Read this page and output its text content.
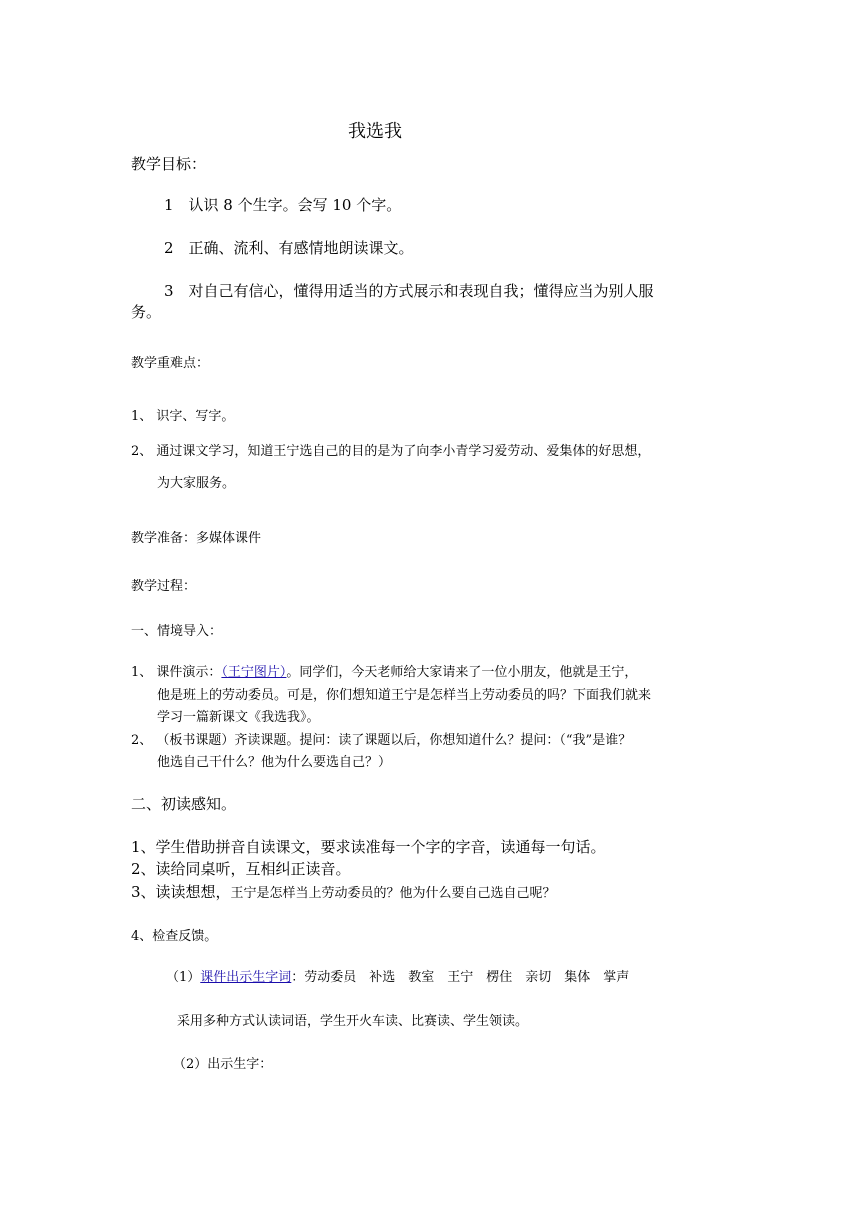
我选我
教学目标：
1　认识 8 个生字。会写 10 个字。
2　正确、流利、有感情地朗读课文。
3　对自己有信心，懂得用适当的方式展示和表现自我；懂得应当为别人服
务。
教学重难点：
1、 识字、写字。
2、 通过课文学习，知道王宁选自己的目的是为了向李小青学习爱劳动、爱集体的好思想，
为大家服务。
教学准备：多媒体课件
教学过程：
一、情境导入：
1、 课件演示：（王宁图片）。同学们，今天老师给大家请来了一位小朋友，他就是王宁，
他是班上的劳动委员。可是，你们想知道王宁是怎样当上劳动委员的吗？下面我们就来
学习一篇新课文《我选我》。
2、 （板书课题）齐读课题。提问：读了课题以后，你想知道什么？提问：（“我”是谁？
他选自己干什么？他为什么要选自己？）
二、初读感知。
1、学生借助拼音自读课文，要求读准每一个字的字音，读通每一句话。
2、读给同桌听，互相纠正读音。
3、读读想想，王宁是怎样当上劳动委员的？他为什么要自己选自己呢？
4、检查反馈。
（1）课件出示生字词：劳动委员　补选　教室　王宁　楞住　亲切　集体　掌声
采用多种方式认读词语，学生开火车读、比赛读、学生领读。
（2）出示生字：
